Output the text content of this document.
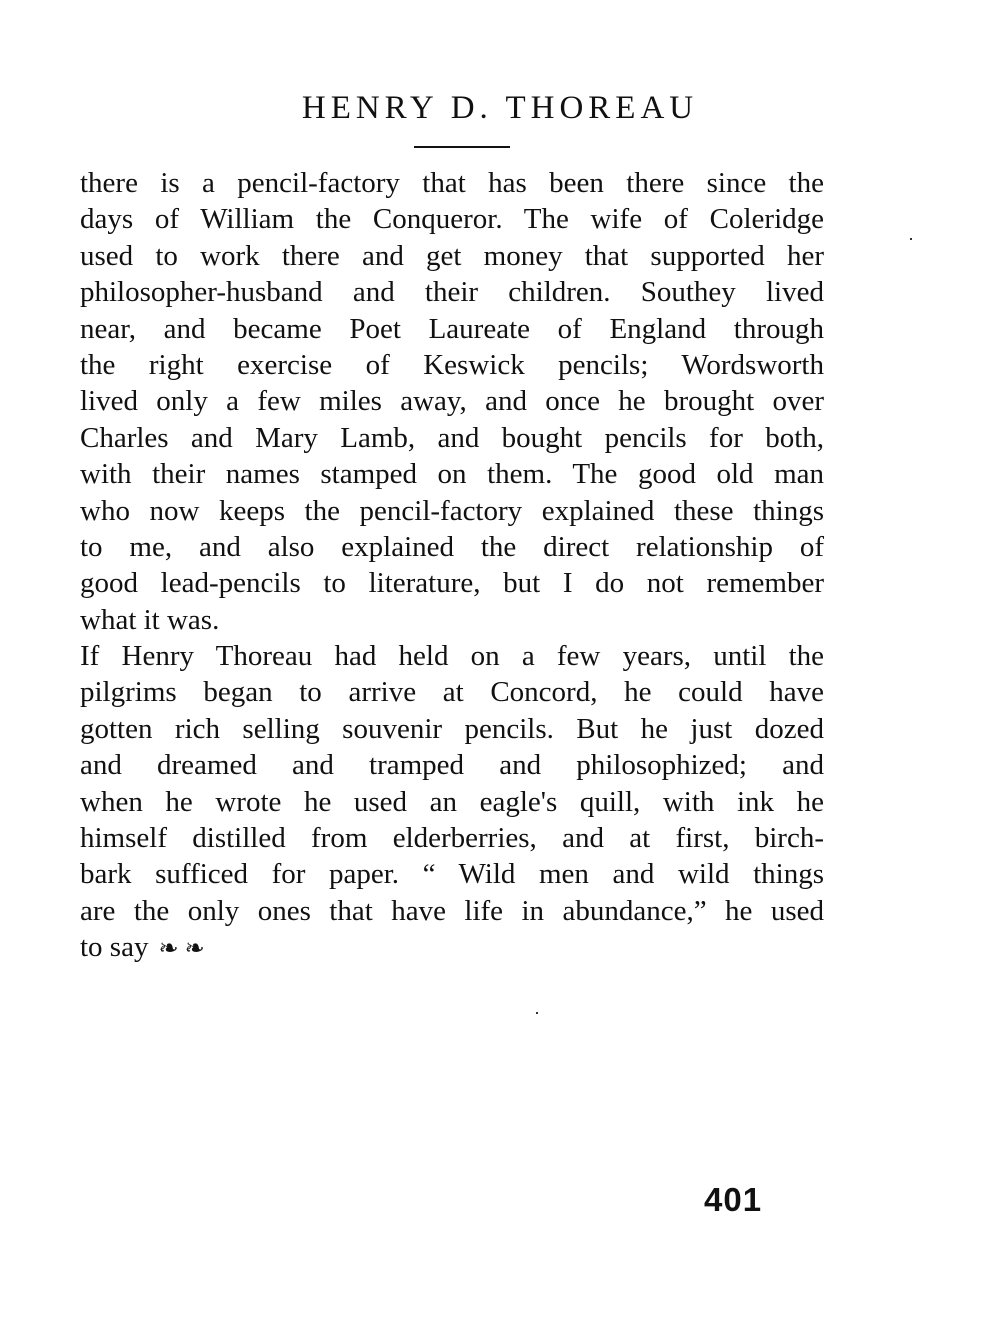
HENRY D. THOREAU
there is a pencil-factory that has been there since the
days of William the Conqueror. The wife of Coleridge
used to work there and get money that supported her
philosopher-husband and their children. Southey lived
near, and became Poet Laureate of England through
the right exercise of Keswick pencils; Wordsworth
lived only a few miles away, and once he brought over
Charles and Mary Lamb, and bought pencils for both,
with their names stamped on them. The good old man
who now keeps the pencil-factory explained these things
to me, and also explained the direct relationship of
good lead-pencils to literature, but I do not remember
what it was.
If Henry Thoreau had held on a few years, until the
pilgrims began to arrive at Concord, he could have
gotten rich selling souvenir pencils. But he just dozed
and dreamed and tramped and philosophized; and
when he wrote he used an eagle's quill, with ink he
himself distilled from elderberries, and at first, birch-
bark sufficed for paper. “ Wild men and wild things
are the only ones that have life in abundance,” he used
to say ❧ ❧

401
